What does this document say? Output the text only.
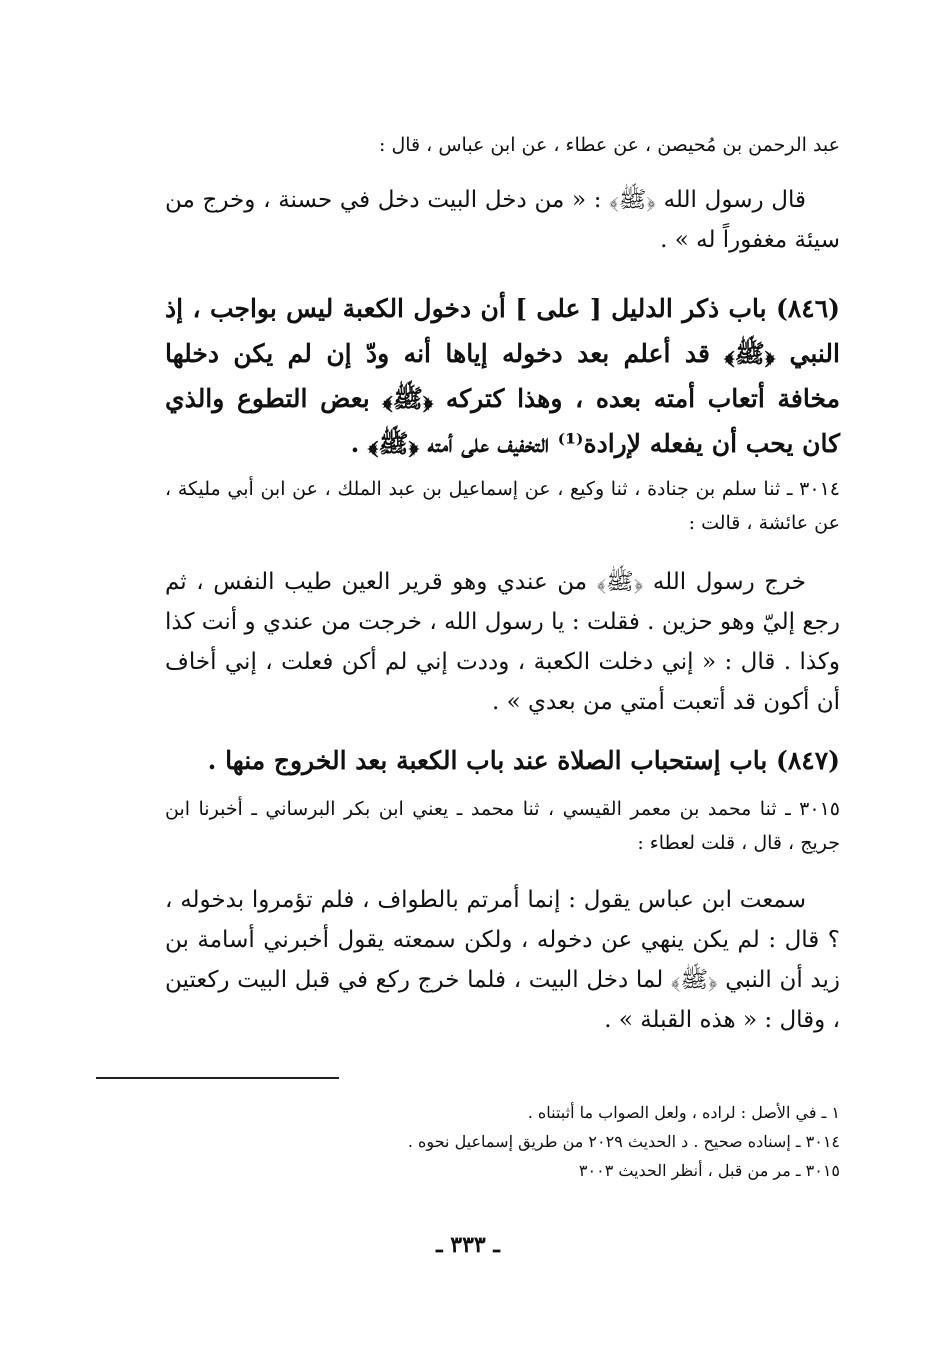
عبد الرحمن بن مُحيصن ، عن عطاء ، عن ابن عباس ، قال :

قال رسول الله ﴿ﷺ﴾ : « من دخل البيت دخل في حسنة ، وخرج من سيئة مغفوراً له » .

(٨٤٦) باب ذكر الدليل [ على ] أن دخول الكعبة ليس بواجب ، إذ النبي ﴿ﷺ﴾ قد أعلم بعد دخوله إياها أنه ودّ إن لم يكن دخلها مخافة أتعاب أمته بعده ، وهذا كتركه ﴿ﷺ﴾ بعض التطوع والذي كان يحب أن يفعله لإرادة⁽¹⁾ التخفيف على أمته ﴿ﷺ﴾ .

٣٠١٤ ـ ثنا سلم بن جنادة ، ثنا وكيع ، عن إسماعيل بن عبد الملك ، عن ابن أبي مليكة ، عن عائشة ، قالت :

خرج رسول الله ﴿ﷺ﴾ من عندي وهو قرير العين طيب النفس ، ثم رجع إليّ وهو حزين . فقلت : يا رسول الله ، خرجت من عندي و أنت كذا وكذا . قال : « إني دخلت الكعبة ، وددت إني لم أكن فعلت ، إني أخاف أن أكون قد أتعبت أمتي من بعدي » .

(٨٤٧) باب إستحباب الصلاة عند باب الكعبة بعد الخروج منها .

٣٠١٥ ـ ثنا محمد بن معمر القيسي ، ثنا محمد ـ يعني ابن بكر البرساني ـ أخبرنا ابن جريج ، قال ، قلت لعطاء :

سمعت ابن عباس يقول : إنما أمرتم بالطواف ، فلم تؤمروا بدخوله ، ؟ قال : لم يكن ينهي عن دخوله ، ولكن سمعته يقول أخبرني أسامة بن زيد أن النبي ﴿ﷺ﴾ لما دخل البيت ، فلما خرج ركع في قبل البيت ركعتين ، وقال : « هذه القبلة » .

١ ـ في الأصل : لراده ، ولعل الصواب ما أثبتناه .

٣٠١٤ ـ إسناده صحيح . د الحديث ٢٠٢٩ من طريق إسماعيل نحوه .

٣٠١٥ ـ مر من قبل ، أنظر الحديث ٣٠٠٣

ـ ٣٣٣ ـ
